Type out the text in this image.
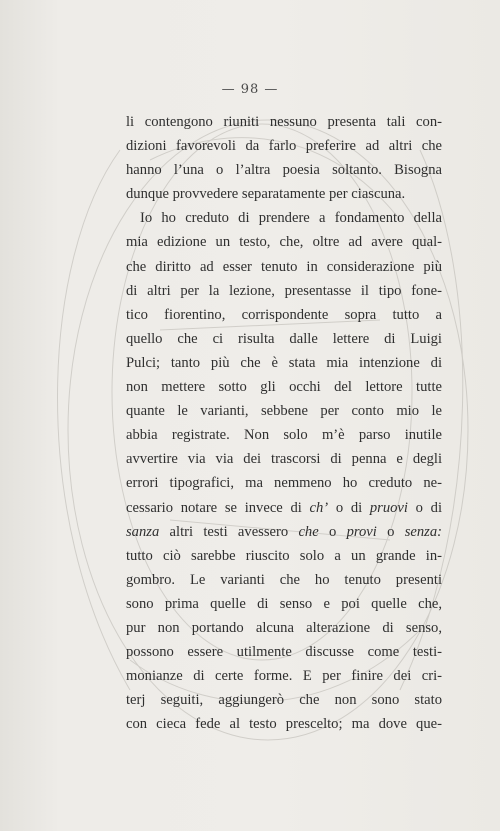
— 98 —
li contengono riuniti nessuno presenta tali con-
dizioni favorevoli da farlo preferire ad altri che
hanno l’una o l’altra poesia soltanto. Bisogna
dunque provvedere separatamente per ciascuna.
Io ho creduto di prendere a fondamento della
mia edizione un testo, che, oltre ad avere qual-
che diritto ad esser tenuto in considerazione più
di altri per la lezione, presentasse il tipo fone-
tico fiorentino, corrispondente sopra tutto a
quello che ci risulta dalle lettere di Luigi
Pulci; tanto più che è stata mia intenzione di
non mettere sotto gli occhi del lettore tutte
quante le varianti, sebbene per conto mio le
abbia registrate. Non solo m’è parso inutile
avvertire via via dei trascorsi di penna e degli
errori tipografici, ma nemmeno ho creduto ne-
cessario notare se invece di ch’ o di pruovi o di
sanza altri testi avessero che o provi o senza:
tutto ciò sarebbe riuscito solo a un grande in-
gombro. Le varianti che ho tenuto presenti
sono prima quelle di senso e poi quelle che,
pur non portando alcuna alterazione di senso,
possono essere utilmente discusse come testi-
monianze di certe forme. E per finire dei cri-
terj seguiti, aggiungerò che non sono stato
con cieca fede al testo prescelto; ma dove que-
